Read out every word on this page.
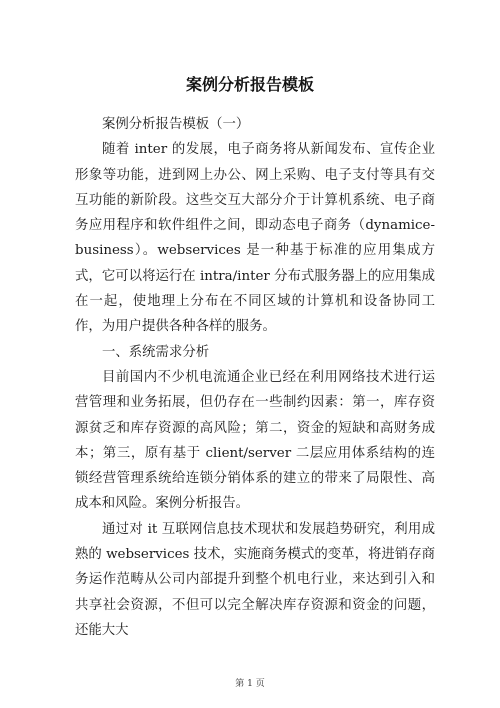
案例分析报告模板

案例分析报告模板（一）

随着 inter 的发展，电子商务将从新闻发布、宣传企业形象等功能，进到网上办公、网上采购、电子支付等具有交互功能的新阶段。这些交互大部分介于计算机系统、电子商务应用程序和软件组件之间，即动态电子商务（dynamice-business）。webservices 是一种基于标准的应用集成方式，它可以将运行在 intra/inter 分布式服务器上的应用集成在一起，使地理上分布在不同区域的计算机和设备协同工作，为用户提供各种各样的服务。

一、系统需求分析

目前国内不少机电流通企业已经在利用网络技术进行运营管理和业务拓展，但仍存在一些制约因素：第一，库存资源贫乏和库存资源的高风险；第二，资金的短缺和高财务成本；第三，原有基于 client/server 二层应用体系结构的连锁经营管理系统给连锁分销体系的建立的带来了局限性、高成本和风险。案例分析报告。

通过对 it 互联网信息技术现状和发展趋势研究，利用成熟的 webservices 技术，实施商务模式的变革，将进销存商务运作范畴从公司内部提升到整个机电行业，来达到引入和共享社会资源，不但可以完全解决库存资源和资金的问题，还能大大

第 1 页
